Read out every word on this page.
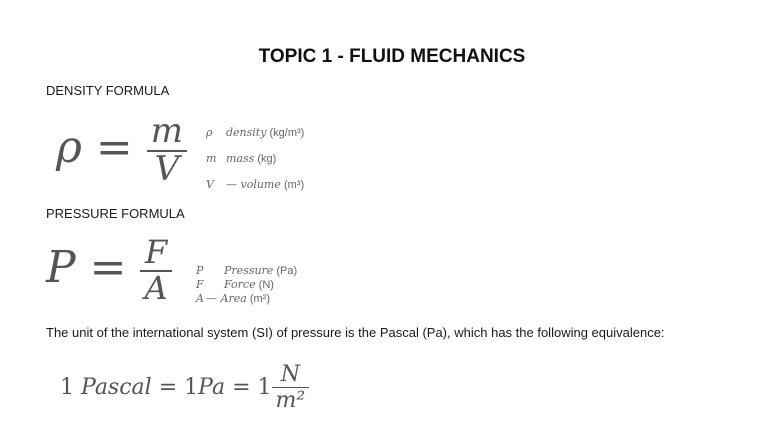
TOPIC 1 - FLUID MECHANICS
DENSITY FORMULA
$\rho = \frac{m}{V}$ ρ density (kg/m³)
m mass (kg)
V — volume (m³)
PRESSURE FORMULA
$P = \frac{F}{A}$ P Pressure (Pa)
F Force (N)
A — Area (m²)
The unit of the international system (SI) of pressure is the Pascal (Pa), which has the following equivalence:
1 Pascal = $1Pa = 1 \frac{N}{\text{m²}}$
